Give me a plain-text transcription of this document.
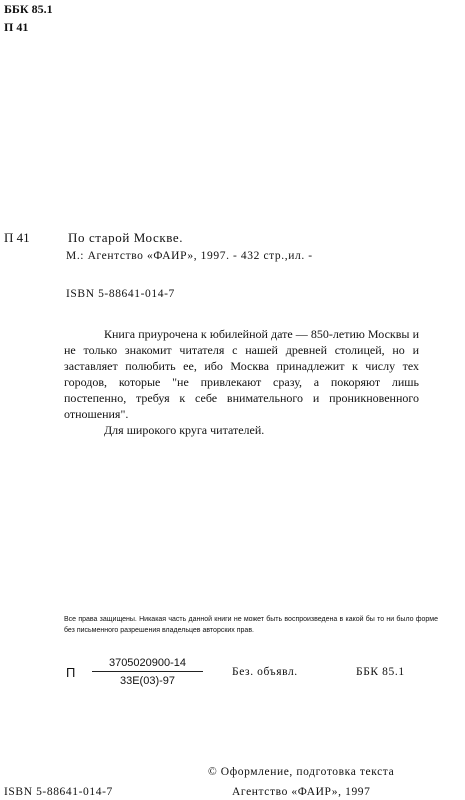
ББК 85.1
П 41
П 41	По старой Москве.
М.: Агентство «ФАИР», 1997. - 432 стр.,ил. -
ISBN 5-88641-014-7

Книга приурочена к юбилейной дате — 850-летию Москвы и не только знакомит читателя с нашей древней столицей, но и заставляет полюбить ее, ибо Москва принадлежит к числу тех городов, которые "не привлекают сразу, а покоряют лишь постепенно, требуя к себе внимательного и проникновенного отношения".

Для широкого круга читателей.

Все права защищены. Никакая часть данной книги не может быть воспроизведена в какой бы то ни было форме без письменного разрешения владельцев авторских прав.
П
3705020900-14
33Е(03)-97
Без. объявл.	ББК 85.1
© Оформление, подготовка текста
ISBN 5-88641-014-7	Агентство «ФАИР», 1997
